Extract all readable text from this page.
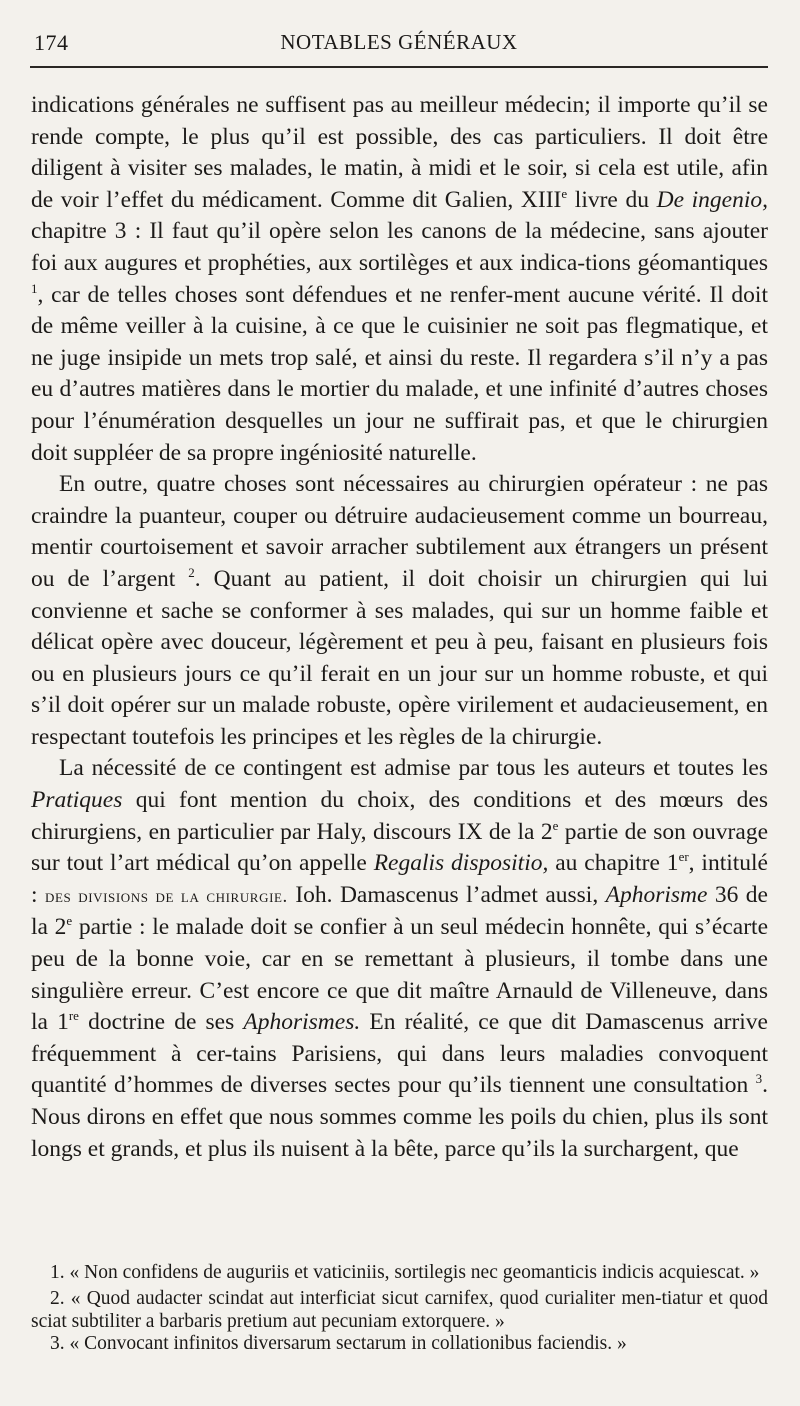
174	NOTABLES GÉNÉRAUX

indications générales ne suffisent pas au meilleur médecin; il importe qu’il se rende compte, le plus qu’il est possible, des cas particuliers. Il doit être diligent à visiter ses malades, le matin, à midi et le soir, si cela est utile, afin de voir l’effet du médicament. Comme dit Galien, XIIIe livre du De ingenio, chapitre 3 : Il faut qu’il opère selon les canons de la médecine, sans ajouter foi aux augures et prophéties, aux sortilèges et aux indica-tions géomantiques $^1$, car de telles choses sont défendues et ne renfer-ment aucune vérité. Il doit de même veiller à la cuisine, à ce que le cuisinier ne soit pas flegmatique, et ne juge insipide un mets trop salé, et ainsi du reste. Il regardera s’il n’y a pas eu d’autres matières dans le mortier du malade, et une infinité d’autres choses pour l’énumération desquelles un jour ne suffirait pas, et que le chirurgien doit suppléer de sa propre ingéniosité naturelle.

En outre, quatre choses sont nécessaires au chirurgien opérateur : ne pas craindre la puanteur, couper ou détruire audacieusement comme un bourreau, mentir courtoisement et savoir arracher subtilement aux étrangers un présent ou de l’argent $^2$. Quant au patient, il doit choisir un chirurgien qui lui convienne et sache se conformer à ses malades, qui sur un homme faible et délicat opère avec douceur, légèrement et peu à peu, faisant en plusieurs fois ou en plusieurs jours ce qu’il ferait en un jour sur un homme robuste, et qui s’il doit opérer sur un malade robuste, opère virilement et audacieusement, en respectant toutefois les principes et les règles de la chirurgie.

La nécessité de ce contingent est admise par tous les auteurs et toutes les Pratiques qui font mention du choix, des conditions et des mœurs des chirurgiens, en particulier par Haly, discours IX de la 2e partie de son ouvrage sur tout l’art médical qu’on appelle Regalis dispositio, au chapitre 1er, intitulé : des divisions de la chirurgie. Ioh. Damascenus l’admet aussi, Aphorisme 36 de la 2e partie : le malade doit se confier à un seul médecin honnête, qui s’écarte peu de la bonne voie, car en se remettant à plusieurs, il tombe dans une singulière erreur. C’est encore ce que dit maître Arnauld de Villeneuve, dans la 1re doctrine de ses Aphorismes. En réalité, ce que dit Damascenus arrive fréquemment à cer-tains Parisiens, qui dans leurs maladies convoquent quantité d’hommes de diverses sectes pour qu’ils tiennent une consultation $^3$. Nous dirons en effet que nous sommes comme les poils du chien, plus ils sont longs et grands, et plus ils nuisent à la bête, parce qu’ils la surchargent, que

1. « Non confidens de auguriis et vaticiniis, sortilegis nec geomanticis indicis acquiescat. »

2. « Quod audacter scindat aut interficiat sicut carnifex, quod curialiter men-tiatur et quod sciat subtiliter a barbaris pretium aut pecuniam extorquere. »

3. « Convocant infinitos diversarum sectarum in collationibus faciendis. »
